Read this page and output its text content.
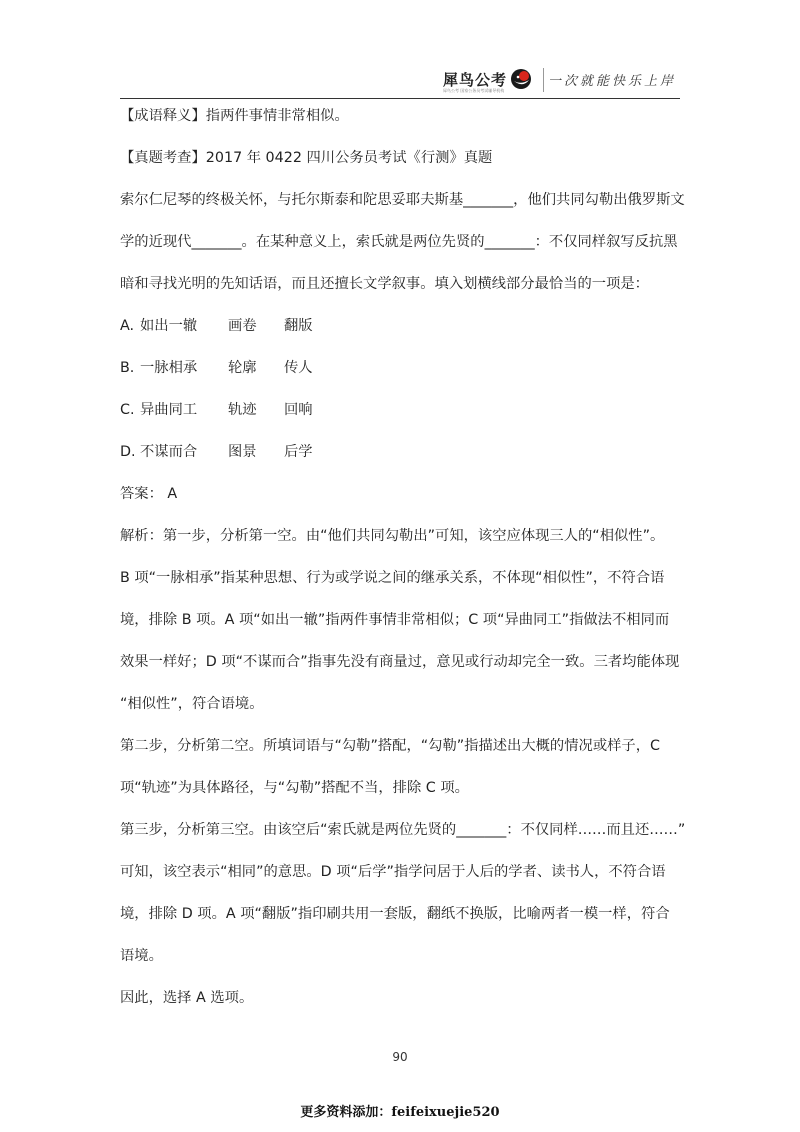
犀鸟公考
犀鸟公考 国家公务员考试辅导机构
一次就能快乐上岸
【成语释义】指两件事情非常相似。
【真题考查】2017 年 0422 四川公务员考试《行测》真题
索尔仁尼琴的终极关怀，与托尔斯泰和陀思妥耶夫斯基_______，他们共同勾勒出俄罗斯文
学的近现代_______。在某种意义上，索氏就是两位先贤的_______：不仅同样叙写反抗黑
暗和寻找光明的先知话语，而且还擅长文学叙事。填入划横线部分最恰当的一项是：
A. 如出一辙	画卷	翻版
B. 一脉相承	轮廓	传人
C. 异曲同工	轨迹	回响
D. 不谋而合	图景	后学
答案： A
解析：第一步，分析第一空。由“他们共同勾勒出”可知，该空应体现三人的“相似性”。
B 项“一脉相承”指某种思想、行为或学说之间的继承关系，不体现“相似性”，不符合语
境，排除 B 项。A 项“如出一辙”指两件事情非常相似；C 项“异曲同工”指做法不相同而
效果一样好；D 项“不谋而合”指事先没有商量过，意见或行动却完全一致。三者均能体现
“相似性”，符合语境。
第二步，分析第二空。所填词语与“勾勒”搭配，“勾勒”指描述出大概的情况或样子，C
项“轨迹”为具体路径，与“勾勒”搭配不当，排除 C 项。
第三步，分析第三空。由该空后“索氏就是两位先贤的_______：不仅同样……而且还……”
可知，该空表示“相同”的意思。D 项“后学”指学问居于人后的学者、读书人，不符合语
境，排除 D 项。A 项“翻版”指印刷共用一套版，翻纸不换版，比喻两者一模一样，符合
语境。
因此，选择 A 选项。
90
更多资料添加：feifeixuejie520
